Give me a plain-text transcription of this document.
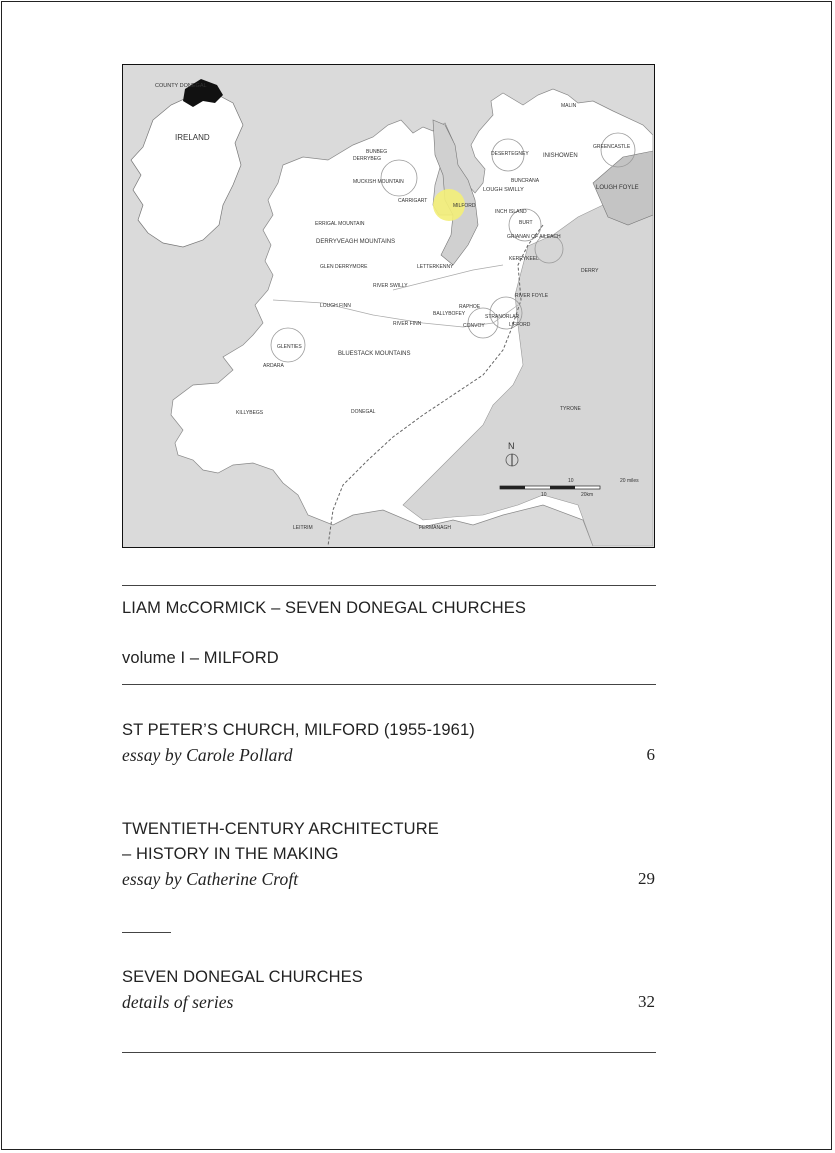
COUNTY DONEGAL
IRELAND
INISHOWEN
LOUGH FOYLE
LOUGH SWILLY
DERRYVEAGH MOUNTAINS
BLUESTACK MOUNTAINS
DERRY
TYRONE
LEITRIM	FERMANAGH
DONEGAL
KILLYBEGS
ARDARA
GLENTIES
LETTERKENNY
MILFORD
RAPHOE
LIFFORD
CONVOY
DERRYBEG
BUNCRANA
GREENCASTLE
MALIN
DESERTEGNEY
CARRIGART
MUCKISH MOUNTAIN
BURT
INCH ISLAND
RIVER SWILLY
RIVER FINN
RIVER FOYLE
LOUGH FINN
ERRIGAL MOUNTAIN
GLEN DERRYMORE
GRIANAN OF AILEACH
STRANORLAR
BALLYBOFEY
BUNBEG
KERRYKEEL
N
10	20 miles
10	20km
LIAM McCORMICK – SEVEN DONEGAL CHURCHES
volume I – MILFORD
ST PETER’S CHURCH, MILFORD (1955-1961)
essay by Carole Pollard	6
TWENTIETH-CENTURY ARCHITECTURE
– HISTORY IN THE MAKING
essay by Catherine Croft	29
SEVEN DONEGAL CHURCHES
details of series	32
